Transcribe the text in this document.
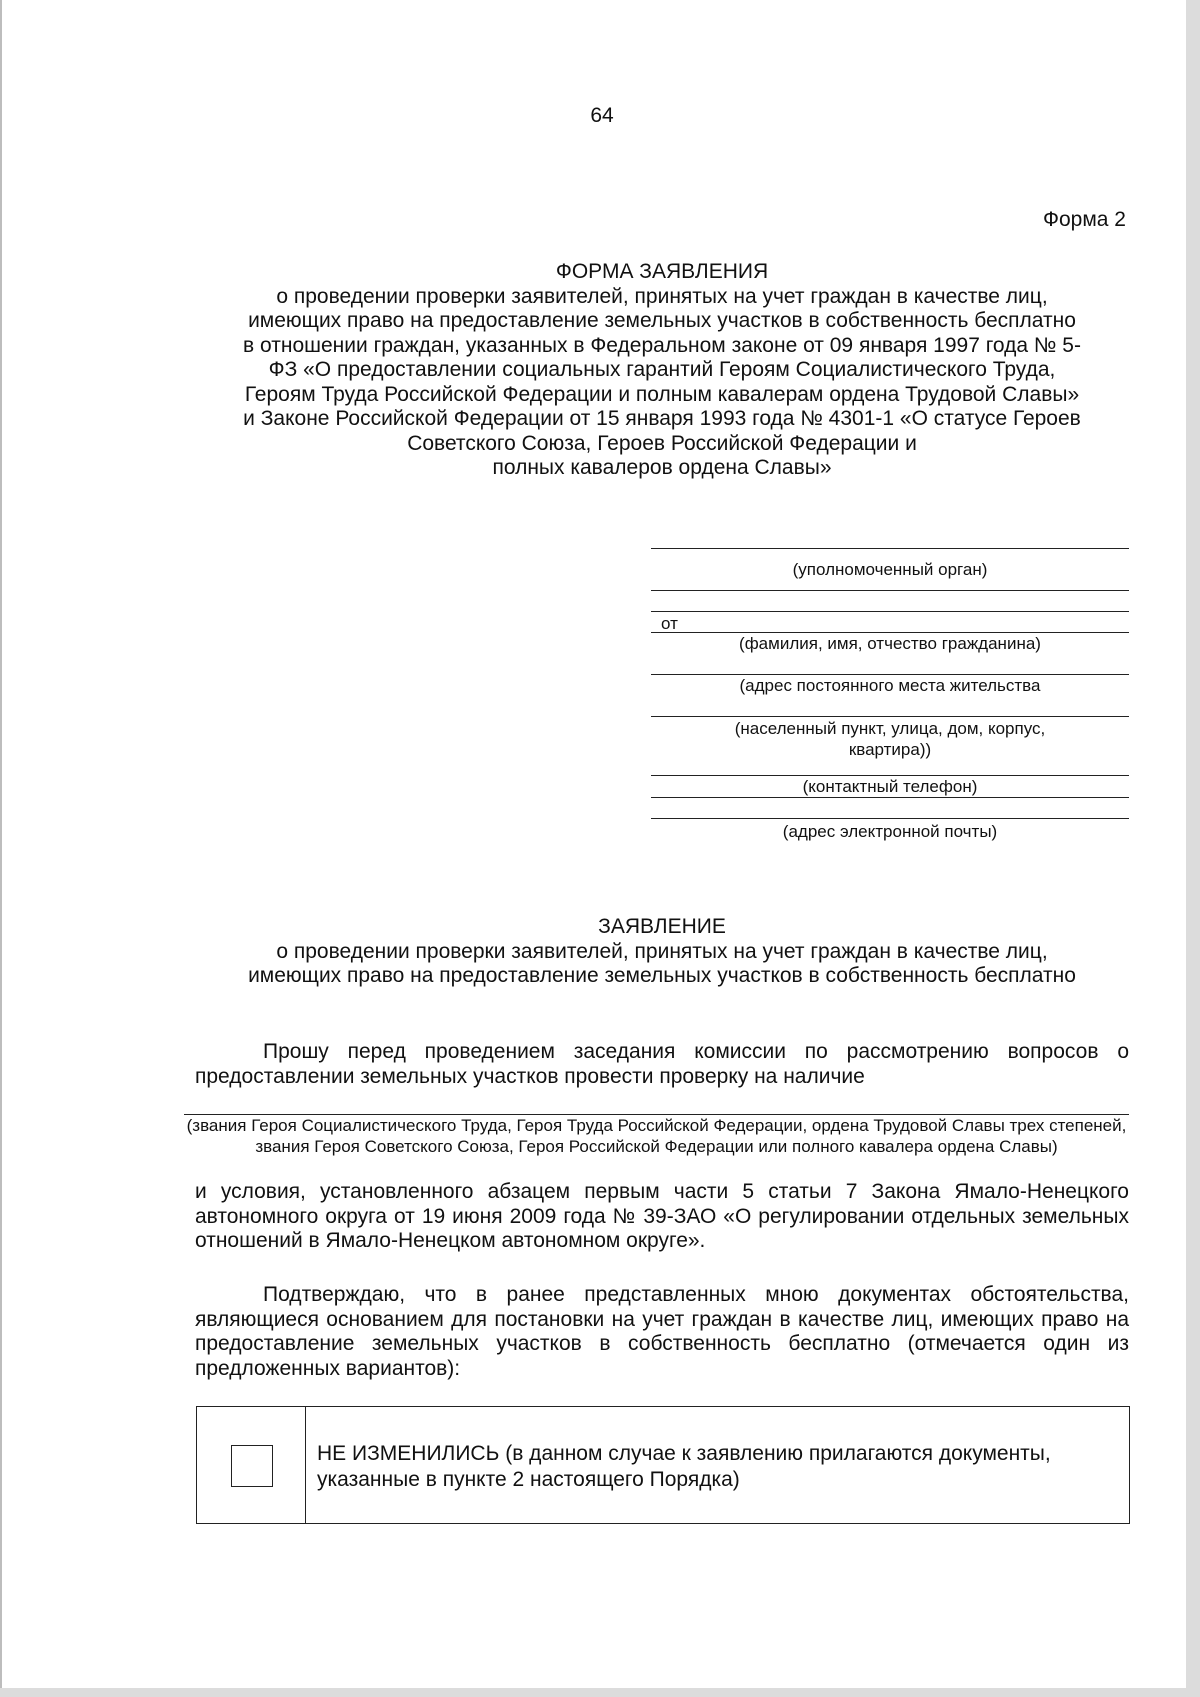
64
Форма 2
ФОРМА ЗАЯВЛЕНИЯ
о проведении проверки заявителей, принятых на учет граждан в качестве лиц,
имеющих право на предоставление земельных участков в собственность бесплатно
в отношении граждан, указанных в Федеральном законе от 09 января 1997 года № 5-
ФЗ «О предоставлении социальных гарантий Героям Социалистического Труда,
Героям Труда Российской Федерации и полным кавалерам ордена Трудовой Славы»
и Законе Российской Федерации от 15 января 1993 года № 4301-1 «О статусе Героев
Советского Союза, Героев Российской Федерации и
полных кавалеров ордена Славы»
(уполномоченный орган)
от
(фамилия, имя, отчество гражданина)
(адрес постоянного места жительства
(населенный пункт, улица, дом, корпус, квартира))
(контактный телефон)
(адрес электронной почты)
ЗАЯВЛЕНИЕ
о проведении проверки заявителей, принятых на учет граждан в качестве лиц,
имеющих право на предоставление земельных участков в собственность бесплатно
Прошу перед проведением заседания комиссии по рассмотрению вопросов о предоставлении земельных участков провести проверку на наличие
(звания Героя Социалистического Труда, Героя Труда Российской Федерации, ордена Трудовой Славы трех степеней, звания Героя Советского Союза, Героя Российской Федерации или полного кавалера ордена Славы)
и условия, установленного абзацем первым части 5 статьи 7 Закона Ямало-Ненецкого автономного округа от 19 июня 2009 года № 39-ЗАО «О регулировании отдельных земельных отношений в Ямало-Ненецком автономном округе».
Подтверждаю, что в ранее представленных мною документах обстоятельства, являющиеся основанием для постановки на учет граждан в качестве лиц, имеющих право на предоставление земельных участков в собственность бесплатно (отмечается один из предложенных вариантов):
НЕ ИЗМЕНИЛИСЬ (в данном случае к заявлению прилагаются документы, указанные в пункте 2 настоящего Порядка)
